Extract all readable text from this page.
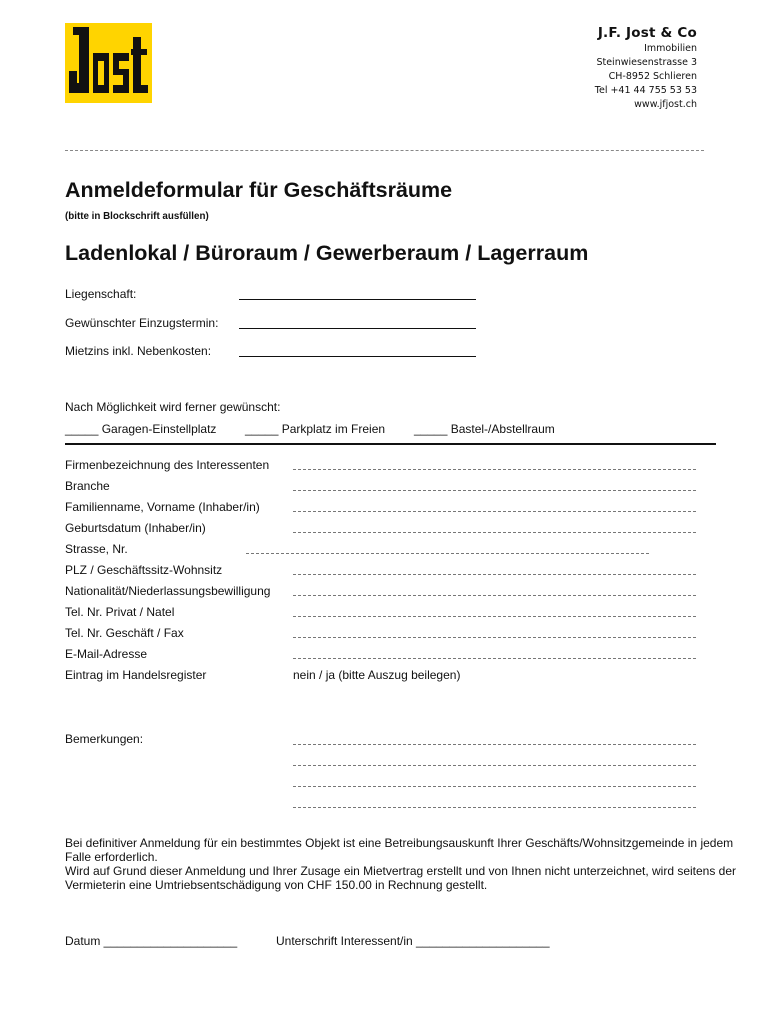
J.F. Jost & Co
Immobilien
Steinwiesenstrasse 3
CH-8952 Schlieren
Tel +41 44 755 53 53
www.jfjost.ch
Anmeldeformular für Geschäftsräume
(bitte in Blockschrift ausfüllen)
Ladenlokal / Büroraum / Gewerberaum / Lagerraum
Liegenschaft:
Gewünschter Einzugstermin:
Mietzins inkl. Nebenkosten:
Nach Möglichkeit wird ferner gewünscht:
_____ Garagen-Einstellplatz _____ Parkplatz im Freien _____ Bastel-/Abstellraum
Firmenbezeichnung des Interessenten
Branche
Familienname, Vorname (Inhaber/in)
Geburtsdatum (Inhaber/in)
Strasse, Nr.
PLZ / Geschäftssitz-Wohnsitz
Nationalität/Niederlassungsbewilligung
Tel. Nr. Privat / Natel
Tel. Nr. Geschäft / Fax
E-Mail-Adresse
Eintrag im Handelsregister	nein / ja (bitte Auszug beilegen)
Bemerkungen:

Bei definitiver Anmeldung für ein bestimmtes Objekt ist eine Betreibungsauskunft Ihrer Geschäfts/Wohnsitzgemeinde in jedem Falle erforderlich.

Wird auf Grund dieser Anmeldung und Ihrer Zusage ein Mietvertrag erstellt und von Ihnen nicht unterzeichnet, wird seitens der Vermieterin eine Umtriebsentschädigung von CHF 150.00 in Rechnung gestellt.

Datum ____________________	Unterschrift Interessent/in ____________________
